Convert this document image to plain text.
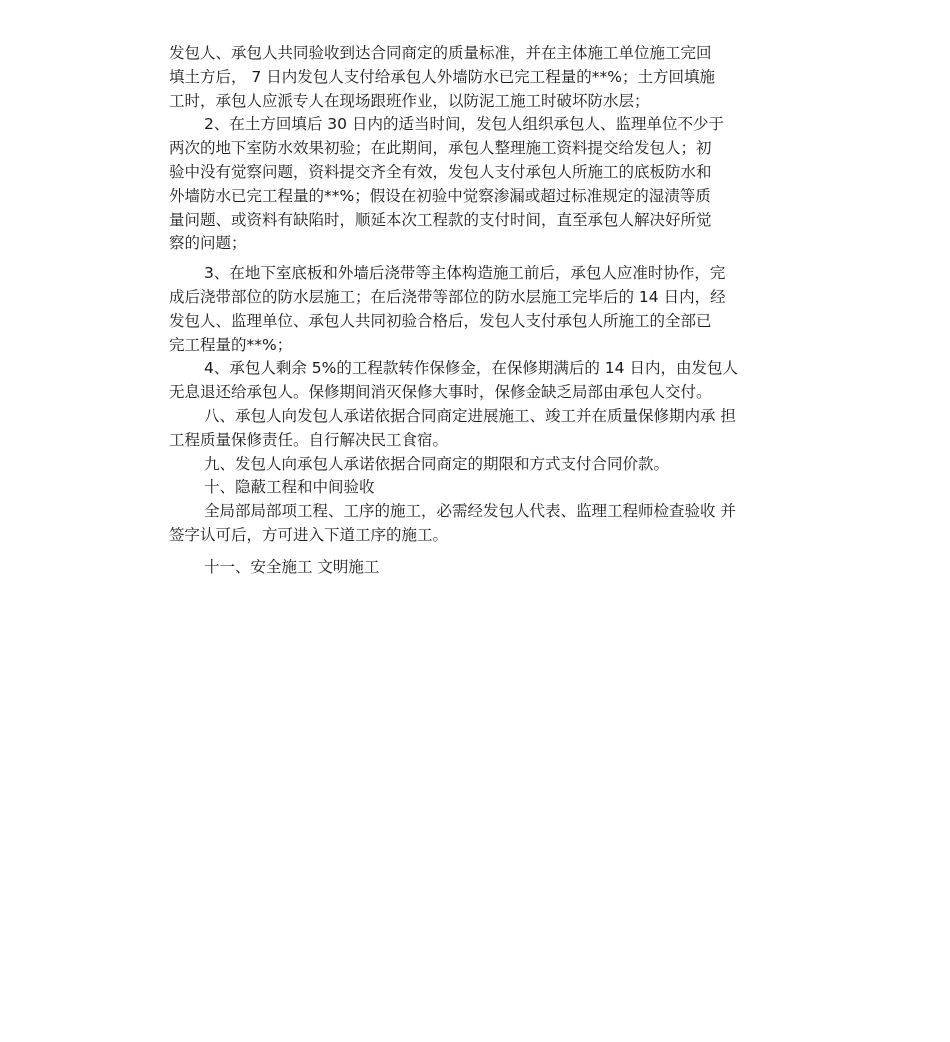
发包人、承包人共同验收到达合同商定的质量标准，并在主体施工单位施工完回

填土方后， 7 日内发包人支付给承包人外墙防水已完工程量的**%；土方回填施

工时，承包人应派专人在现场跟班作业，以防泥工施工时破坏防水层；

2、在土方回填后 30 日内的适当时间，发包人组织承包人、监理单位不少于

两次的地下室防水效果初验；在此期间，承包人整理施工资料提交给发包人；初

验中没有觉察问题，资料提交齐全有效，发包人支付承包人所施工的底板防水和

外墙防水已完工程量的**%；假设在初验中觉察渗漏或超过标准规定的湿渍等质

量问题、或资料有缺陷时，顺延本次工程款的支付时间，直至承包人解决好所觉

察的问题；

3、在地下室底板和外墙后浇带等主体构造施工前后，承包人应准时协作，完

成后浇带部位的防水层施工；在后浇带等部位的防水层施工完毕后的 14 日内，经

发包人、监理单位、承包人共同初验合格后，发包人支付承包人所施工的全部已

完工程量的**%；

4、承包人剩余 5%的工程款转作保修金，在保修期满后的 14 日内，由发包人

无息退还给承包人。保修期间消灭保修大事时，保修金缺乏局部由承包人交付。

八、承包人向发包人承诺依据合同商定进展施工、竣工并在质量保修期内承 担

工程质量保修责任。自行解决民工食宿。

九、发包人向承包人承诺依据合同商定的期限和方式支付合同价款。

十、隐蔽工程和中间验收

全局部局部项工程、工序的施工，必需经发包人代表、监理工程师检查验收 并

签字认可后，方可进入下道工序的施工。

十一、安全施工 文明施工
